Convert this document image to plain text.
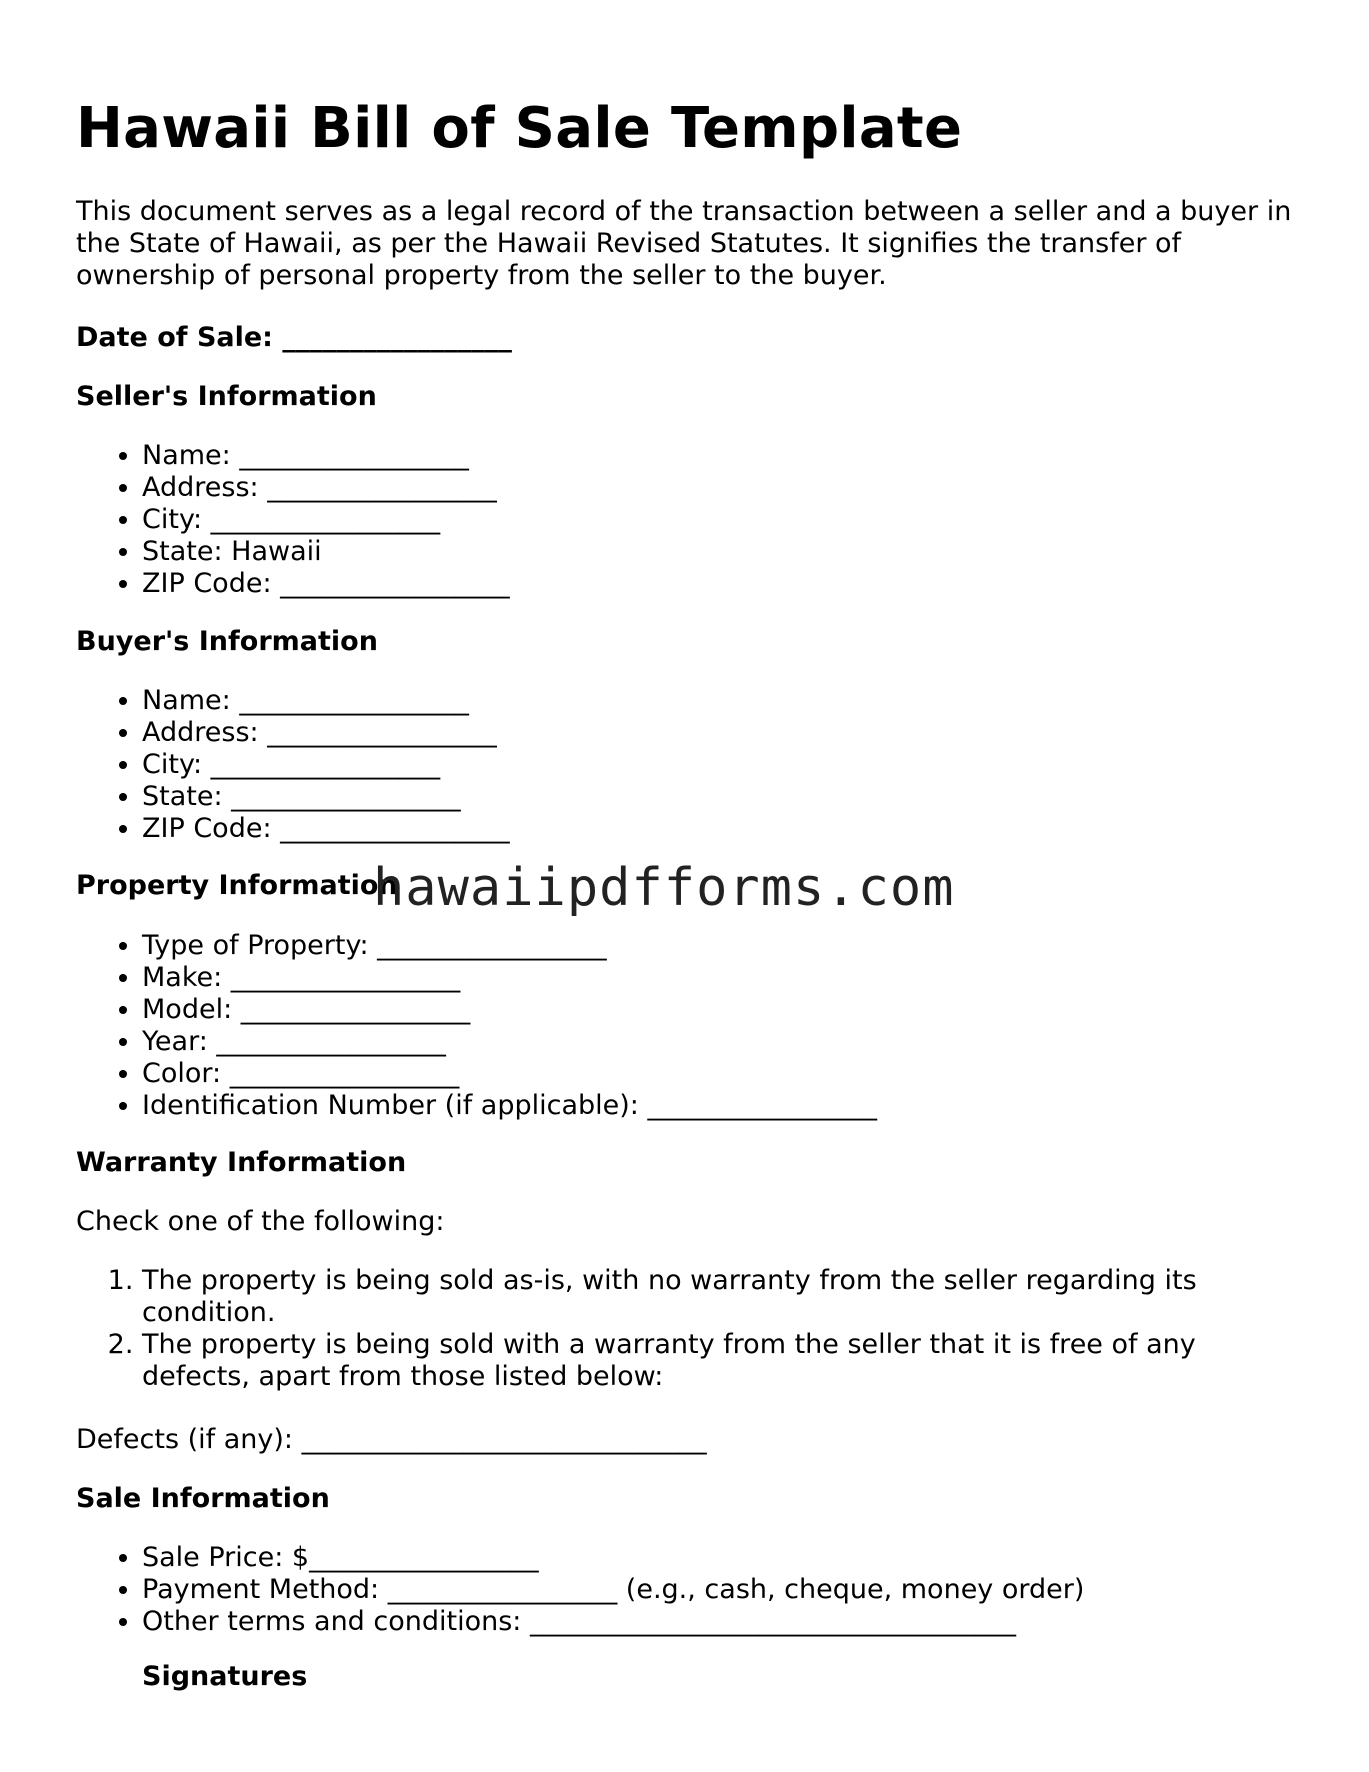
Hawaii Bill of Sale Template

This document serves as a legal record of the transaction between a seller and a buyer in the State of Hawaii, as per the Hawaii Revised Statutes. It signifies the transfer of ownership of personal property from the seller to the buyer.

Date of Sale: _________________

Seller's Information

• Name: _________________
• Address: _________________
• City: _________________
• State: Hawaii
• ZIP Code: _________________

Buyer's Information

• Name: _________________
• Address: _________________
• City: _________________
• State: _________________
• ZIP Code: _________________

Property Information

• Type of Property: _________________
• Make: _________________
• Model: _________________
• Year: _________________
• Color: _________________
• Identification Number (if applicable): _________________

Warranty Information

Check one of the following:

1. The property is being sold as-is, with no warranty from the seller regarding its condition.
2. The property is being sold with a warranty from the seller that it is free of any defects, apart from those listed below:

Defects (if any): ______________________________

Sale Information

• Sale Price: $_________________
• Payment Method: _________________ (e.g., cash, cheque, money order)
• Other terms and conditions: ____________________________________

Signatures

hawaiipdfforms.com
